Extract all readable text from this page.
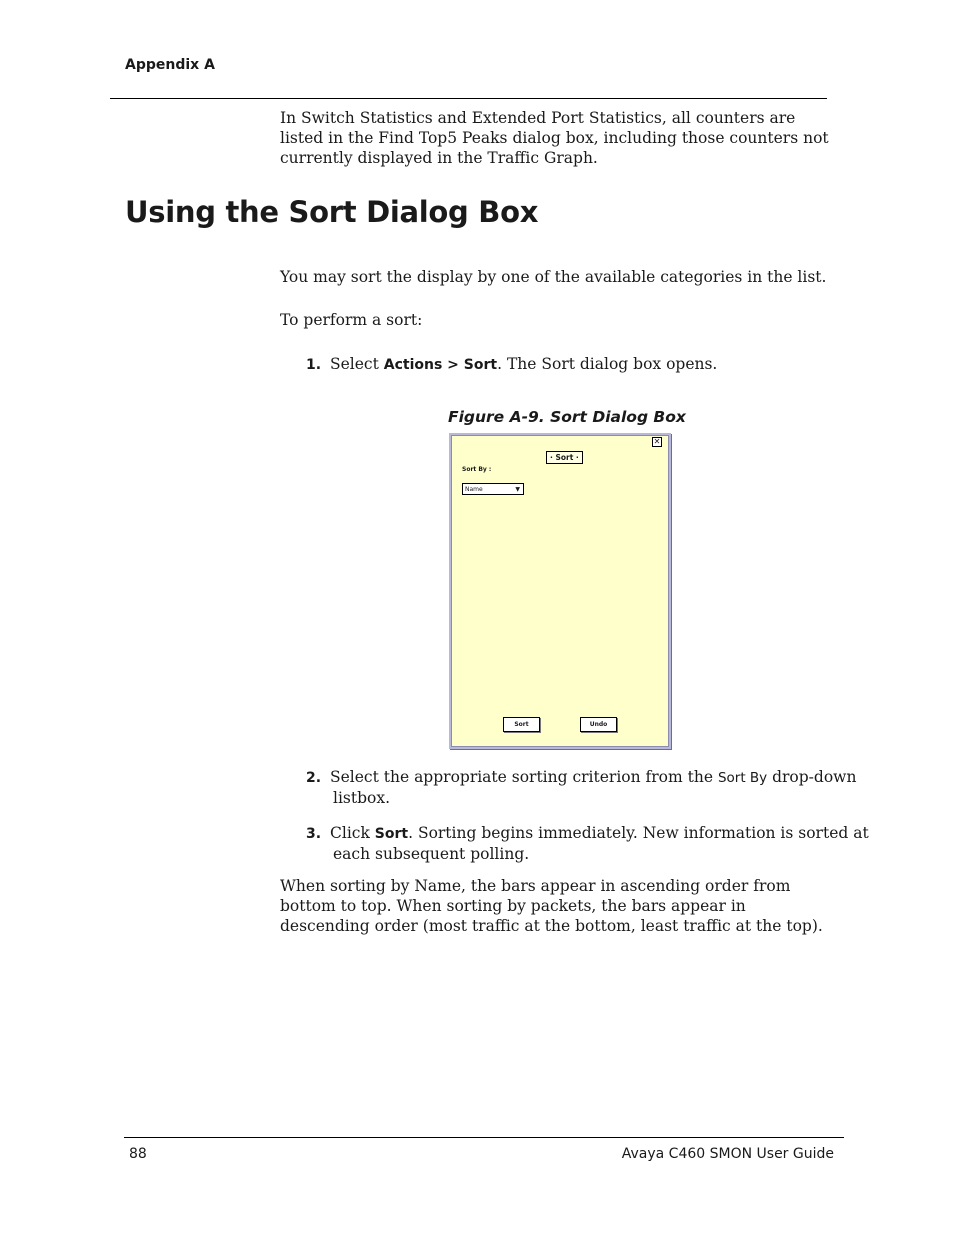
Appendix A
In Switch Statistics and Extended Port Statistics, all counters are listed in the Find Top5 Peaks dialog box, including those counters not currently displayed in the Traffic Graph.
Using the Sort Dialog Box
You may sort the display by one of the available categories in the list.
To perform a sort:
1. Select Actions > Sort. The Sort dialog box opens.
Figure A-9. Sort Dialog Box
· Sort ·
✕
Sort By :
Name	▼
Sort	Undo
2. Select the appropriate sorting criterion from the Sort By drop-down listbox.
3. Click Sort. Sorting begins immediately. New information is sorted at each subsequent polling.
When sorting by Name, the bars appear in ascending order from bottom to top. When sorting by packets, the bars appear in descending order (most traffic at the bottom, least traffic at the top).
88	Avaya C460 SMON User Guide
